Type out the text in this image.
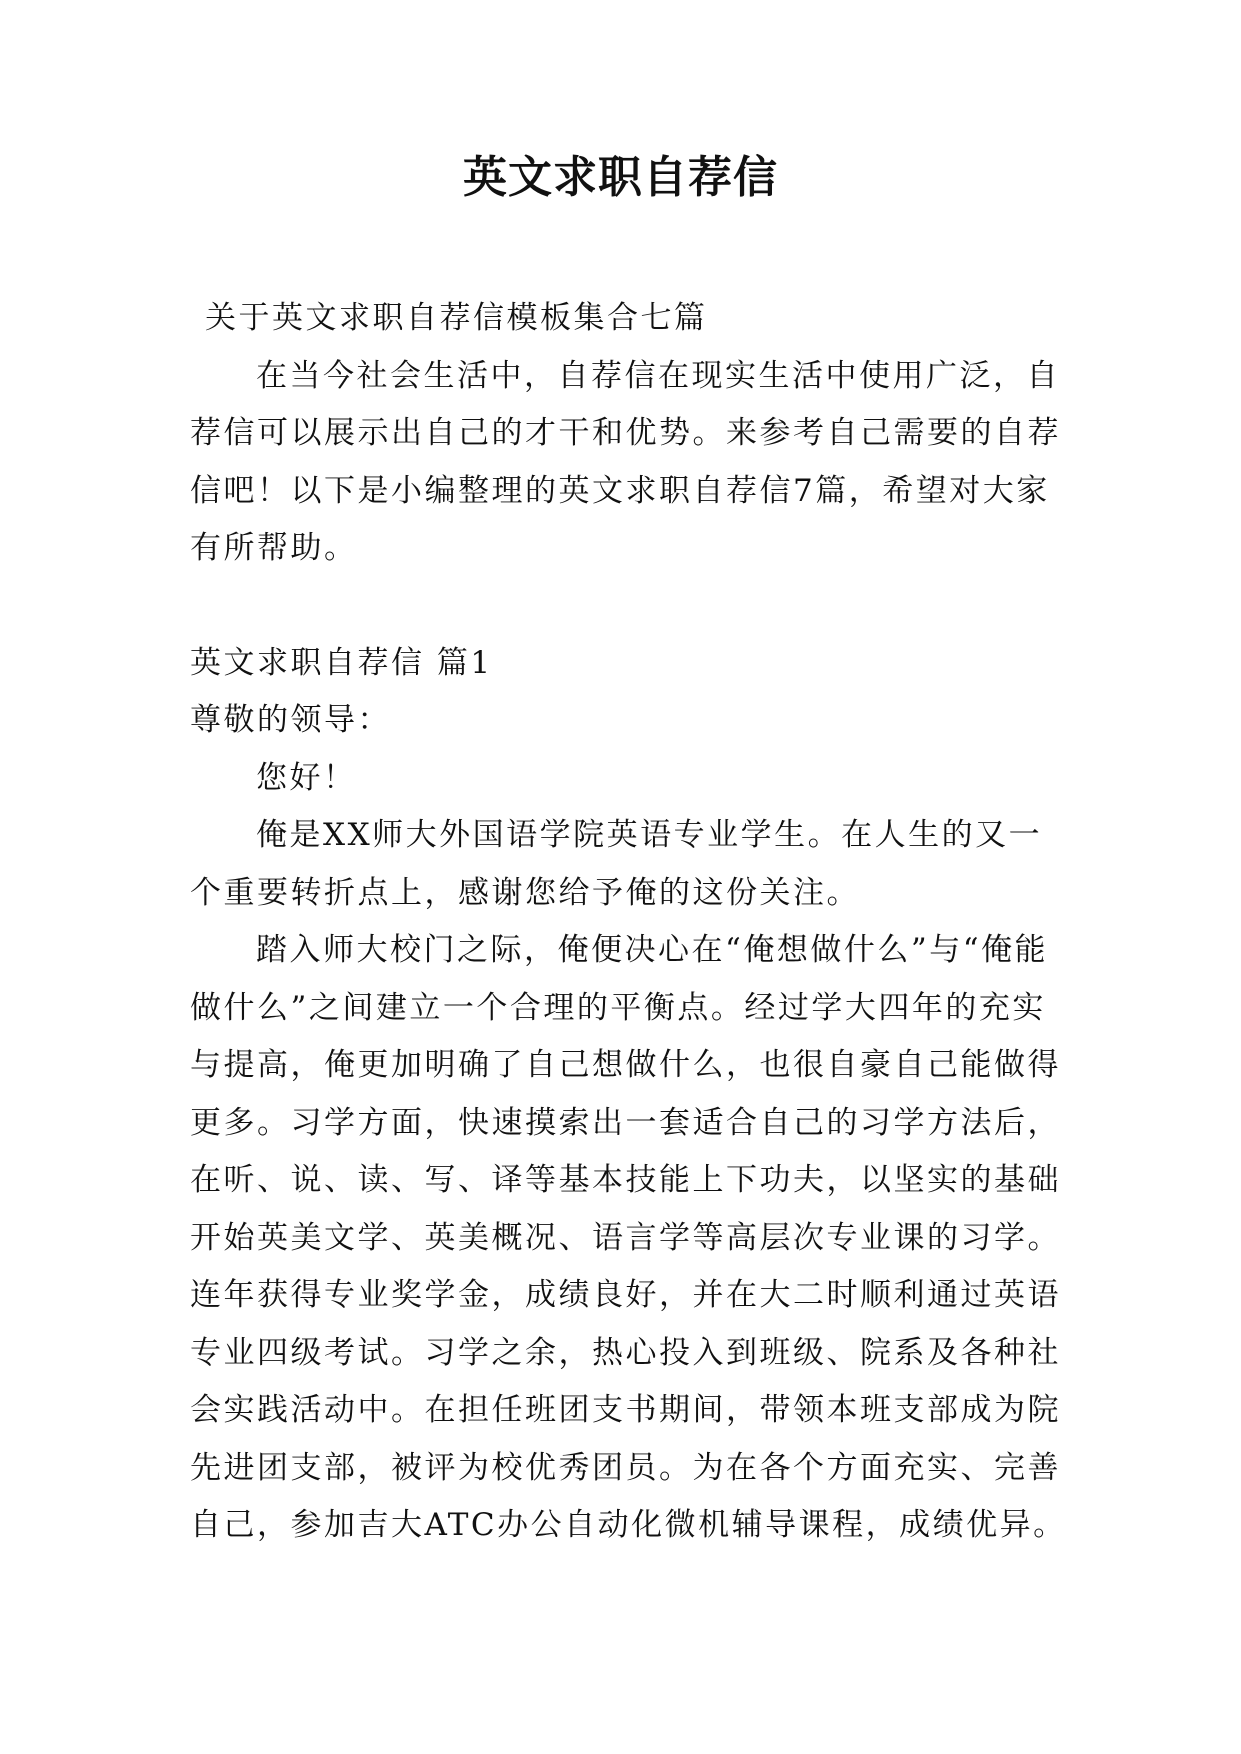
英文求职自荐信

关于英文求职自荐信模板集合七篇

在当今社会生活中，自荐信在现实生活中使用广泛，自荐信可以展示出自己的才干和优势。来参考自己需要的自荐信吧！以下是小编整理的英文求职自荐信7篇，希望对大家有所帮助。

英文求职自荐信 篇1

尊敬的领导：

您好！

俺是XX师大外国语学院英语专业学生。在人生的又一个重要转折点上，感谢您给予俺的这份关注。

踏入师大校门之际，俺便决心在“俺想做什么”与“俺能做什么”之间建立一个合理的平衡点。经过学大四年的充实与提高，俺更加明确了自己想做什么，也很自豪自己能做得更多。习学方面，快速摸索出一套适合自己的习学方法后，在听、说、读、写、译等基本技能上下功夫，以坚实的基础开始英美文学、英美概况、语言学等高层次专业课的习学。连年获得专业奖学金，成绩良好，并在大二时顺利通过英语专业四级考试。习学之余，热心投入到班级、院系及各种社会实践活动中。在担任班团支书期间，带领本班支部成为院先进团支部，被评为校优秀团员。为在各个方面充实、完善自己，参加吉大ATC办公自动化微机辅导课程，成绩优异。
